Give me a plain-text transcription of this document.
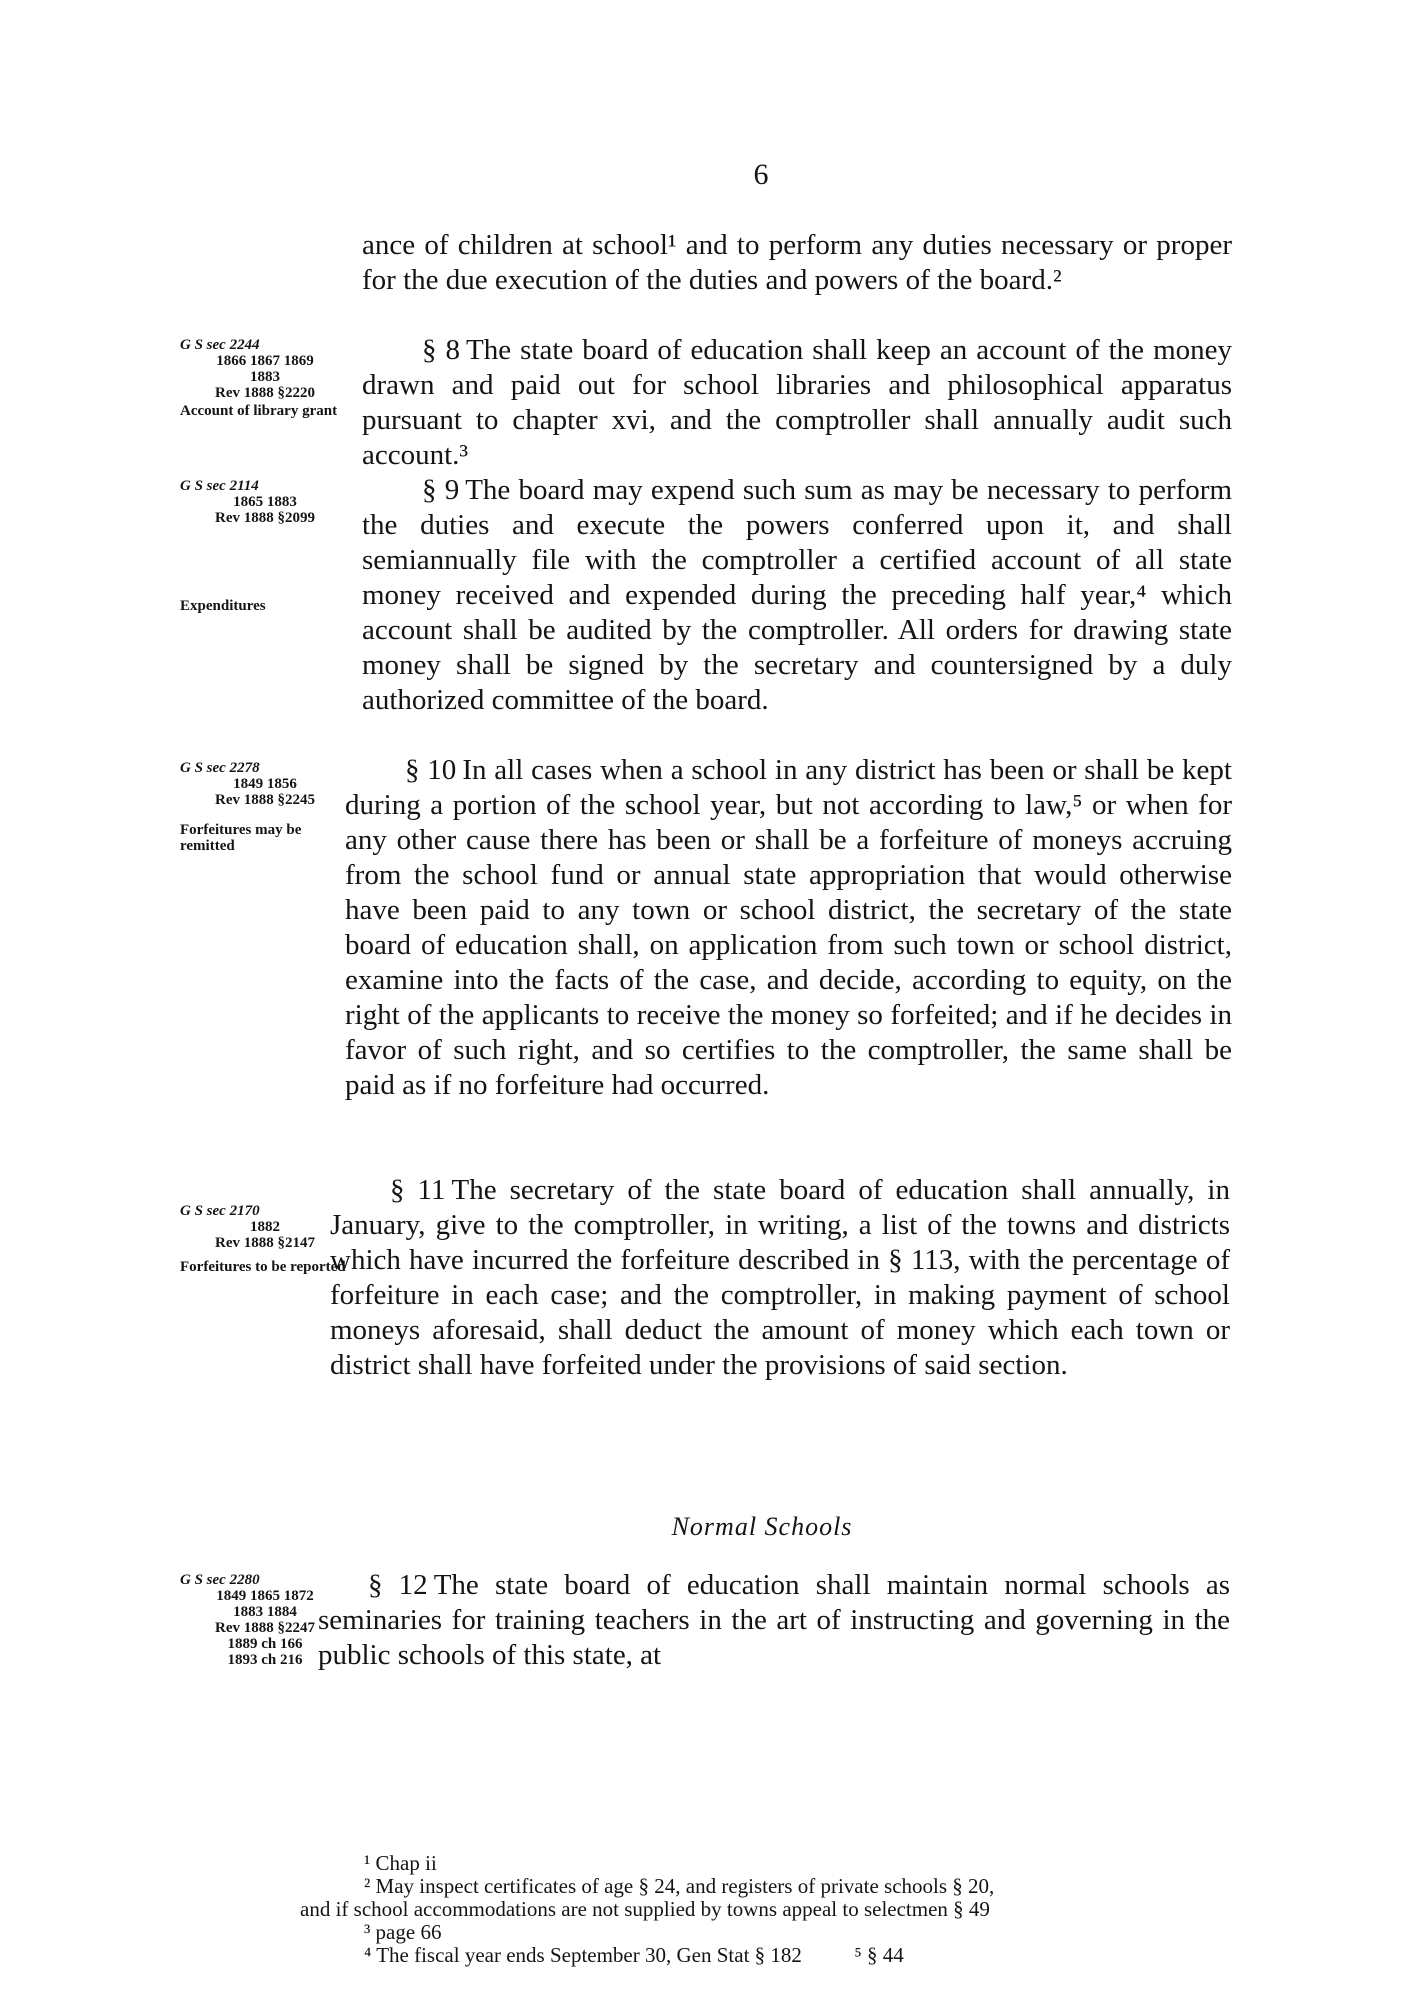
6

ance of children at school¹ and to perform any duties necessary or proper for the due execution of the duties and powers of the board.²

§ 8 The state board of education shall keep an account of the money drawn and paid out for school libraries and philosophical apparatus pursuant to chapter xvi, and the comptroller shall annually audit such account.³

§ 9 The board may expend such sum as may be necessary to perform the duties and execute the powers conferred upon it, and shall semiannually file with the comptroller a certified account of all state money received and expended during the preceding half year,⁴ which account shall be audited by the comptroller. All orders for drawing state money shall be signed by the secretary and countersigned by a duly authorized committee of the board.

§ 10 In all cases when a school in any district has been or shall be kept during a portion of the school year, but not according to law,⁵ or when for any other cause there has been or shall be a forfeiture of moneys accruing from the school fund or annual state appropriation that would otherwise have been paid to any town or school district, the secretary of the state board of education shall, on application from such town or school district, examine into the facts of the case, and decide, according to equity, on the right of the applicants to receive the money so forfeited; and if he decides in favor of such right, and so certifies to the comptroller, the same shall be paid as if no forfeiture had occurred.

§ 11 The secretary of the state board of education shall annually, in January, give to the comptroller, in writing, a list of the towns and districts which have incurred the forfeiture described in § 113, with the percentage of forfeiture in each case; and the comptroller, in making payment of school moneys aforesaid, shall deduct the amount of money which each town or district shall have forfeited under the provisions of said section.

Normal Schools

§ 12 The state board of education shall maintain normal schools as seminaries for training teachers in the art of instructing and governing in the public schools of this state, at

G S sec 2244
1866 1867 1869
1883
Rev 1888 §2220
Account of library grant
G S sec 2114
1865 1883
Rev 1888 §2099
Expenditures
G S sec 2278
1849 1856
Rev 1888 §2245
Forfeitures may be remitted
G S sec 2170
1882
Rev 1888 §2147
Forfeitures to be reported
G S sec 2280
1849 1865 1872
1883 1884
Rev 1888 §2247
1889 ch 166
1893 ch 216
¹ Chap ii
² May inspect certificates of age § 24, and registers of private schools § 20,
and if school accommodations are not supplied by towns appeal to selectmen § 49
³ page 66
⁴ The fiscal year ends September 30, Gen Stat § 182          ⁵ § 44
